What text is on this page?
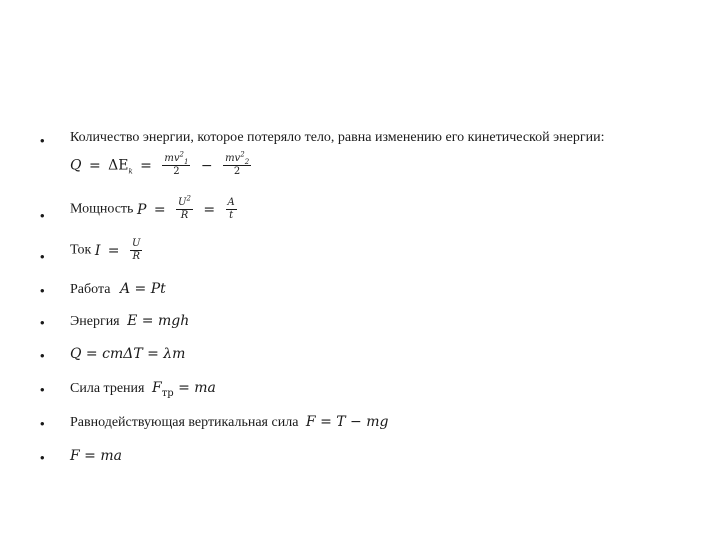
• Количество энергии, которое потеряло тело, равна изменению его кинетической энергии:
$Q = \Delta E_k = \frac{mv^2_1}{2} - \frac{mv^2_2}{2}$
• Мощность $P = \frac{U^2}{R} = \frac{A}{t}$
• Ток $I = \frac{U}{R}$
• Работа A = Pt
• Энергия E = mgh
• Q = cmΔT = λm
• Сила трения $F_{тр}$ = ma
• Равнодействующая вертикальная сила F = T − mg
• F = ma
